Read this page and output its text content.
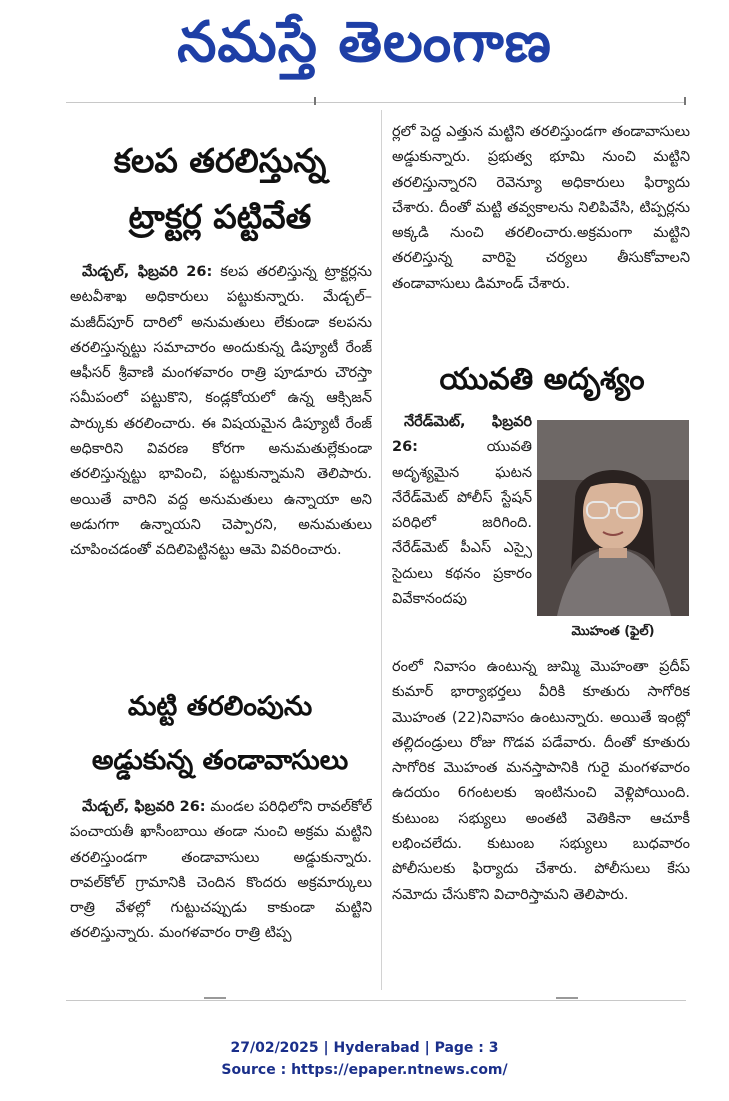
నమస్తే తెలంగాణ
కలప తరలిస్తున్న
ట్రాక్టర్ల పట్టివేత
మేడ్చల్, ఫిబ్రవరి 26: కలప తరలిస్తున్న ట్రాక్టర్లను అటవీశాఖ అధికారులు పట్టుకున్నారు. మేడ్చల్–మజీద్‌పూర్ దారిలో అనుమతులు లేకుండా కలపను తరలిస్తున్నట్టు సమాచారం అందుకున్న డిప్యూటీ రేంజ్ ఆఫీసర్ శ్రీవాణి మంగళవారం రాత్రి పూడూరు చౌరస్తా సమీపంలో పట్టుకొని, కండ్లకోయలో ఉన్న ఆక్సిజన్ పార్కుకు తరలించారు. ఈ విషయమైన డిప్యూటీ రేంజ్ అధికారిని వివరణ కోరగా అనుమతుల్లేకుండా తరలిస్తున్నట్టు భావించి, పట్టుకున్నామని తెలిపారు. అయితే వారిని వద్ద అనుమతులు ఉన్నాయా అని అడుగగా ఉన్నాయని చెప్పారని, అనుమతులు చూపించడంతో వదిలిపెట్టినట్టు ఆమె వివరించారు.
మట్టి తరలింపును
అడ్డుకున్న తండావాసులు
మేడ్చల్, ఫిబ్రవరి 26: మండల పరిధిలోని రావల్‌కోల్ పంచాయతీ ఖాసీంబాయి తండా నుంచి అక్రమ మట్టిని తరలిస్తుండగా తండావాసులు అడ్డుకున్నారు. రావల్‌కోల్ గ్రామానికి చెందిన కొందరు అక్రమార్కులు రాత్రి వేళల్లో గుట్టుచప్పుడు కాకుండా మట్టిని తరలిస్తున్నారు. మంగళవారం రాత్రి టిప్ప
యువతి అదృశ్యం
నేరేడ్‌మెట్, ఫిబ్రవరి 26:	యువతి అదృశ్యమైన ఘటన నేరేడ్‌మెట్ పోలీస్ స్టేషన్ పరిధిలో జరిగింది. నేరేడ్‌మెట్ పీఎస్ ఎస్సై సైదులు కథనం ప్రకారం వివేకానందపు
మొహంత (ఫైల్)
రంలో నివాసం ఉంటున్న జుమ్మి మొహంతా ప్రదీప్ కుమార్ భార్యాభర్తలు వీరికి కూతురు సాగోరిక మొహంత (22)నివాసం ఉంటున్నారు. అయితే ఇంట్లో తల్లిదండ్రులు రోజు గొడవ పడేవారు. దీంతో కూతురు సాగోరిక మొహంత మనస్తాపానికి గురై మంగళవారం ఉదయం 6గంటలకు ఇంటినుంచి వెళ్లిపోయింది. కుటుంబ సభ్యులు అంతటి వెతికినా ఆచూకీ లభించలేదు. కుటుంబ సభ్యులు బుధవారం పోలీసులకు ఫిర్యాదు చేశారు. పోలీసులు కేసు నమోదు చేసుకొని విచారిస్తామని తెలిపారు.
ర్లలో పెద్ద ఎత్తున మట్టిని తరలిస్తుండగా తండావాసులు అడ్డుకున్నారు. ప్రభుత్వ భూమి నుంచి మట్టిని తరలిస్తున్నారని రెవెన్యూ అధికారులు ఫిర్యాదు చేశారు. దీంతో మట్టి తవ్వకాలను నిలిపివేసి, టిప్పర్లను అక్కడి నుంచి తరలించారు.అక్రమంగా మట్టిని తరలిస్తున్న వారిపై చర్యలు తీసుకోవాలని తండావాసులు డిమాండ్ చేశారు.
27/02/2025 | Hyderabad | Page : 3
Source : https://epaper.ntnews.com/
